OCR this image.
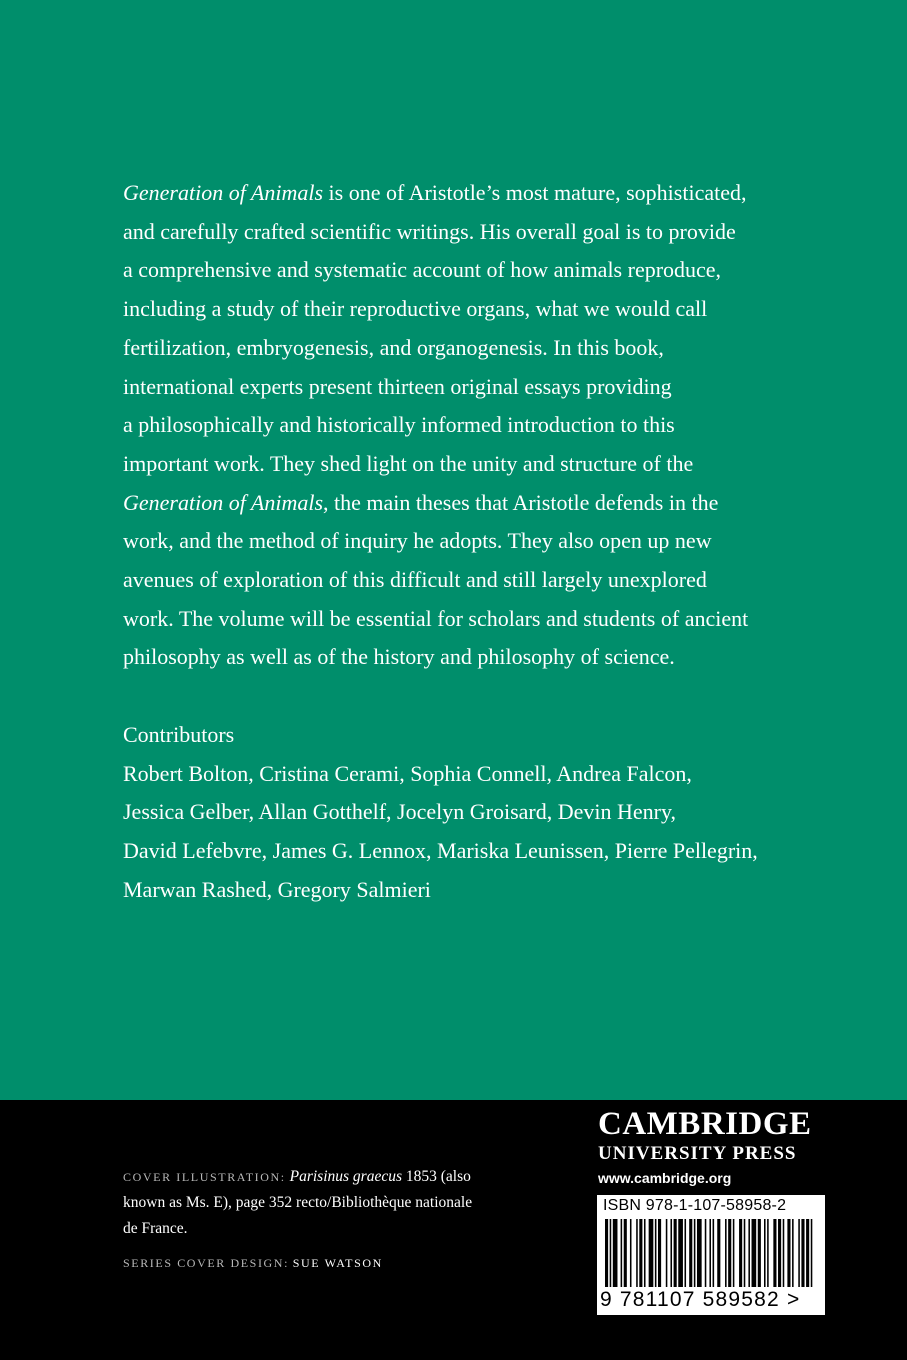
Generation of Animals is one of Aristotle’s most mature, sophisticated,
and carefully crafted scientific writings. His overall goal is to provide
a comprehensive and systematic account of how animals reproduce,
including a study of their reproductive organs, what we would call
fertilization, embryogenesis, and organogenesis. In this book,
international experts present thirteen original essays providing
a philosophically and historically informed introduction to this
important work. They shed light on the unity and structure of the
Generation of Animals, the main theses that Aristotle defends in the
work, and the method of inquiry he adopts. They also open up new
avenues of exploration of this difficult and still largely unexplored
work. The volume will be essential for scholars and students of ancient
philosophy as well as of the history and philosophy of science.

Contributors
Robert Bolton, Cristina Cerami, Sophia Connell, Andrea Falcon,
Jessica Gelber, Allan Gotthelf, Jocelyn Groisard, Devin Henry,
David Lefebvre, James G. Lennox, Mariska Leunissen, Pierre Pellegrin,
Marwan Rashed, Gregory Salmieri
COVER ILLUSTRATION: Parisinus graecus 1853 (also
known as Ms. E), page 352 recto/Bibliothèque nationale
de France.
SERIES COVER DESIGN: SUE WATSON
CAMBRIDGE
UNIVERSITY PRESS
www.cambridge.org
ISBN 978-1-107-58958-2
9 781107 589582 >
